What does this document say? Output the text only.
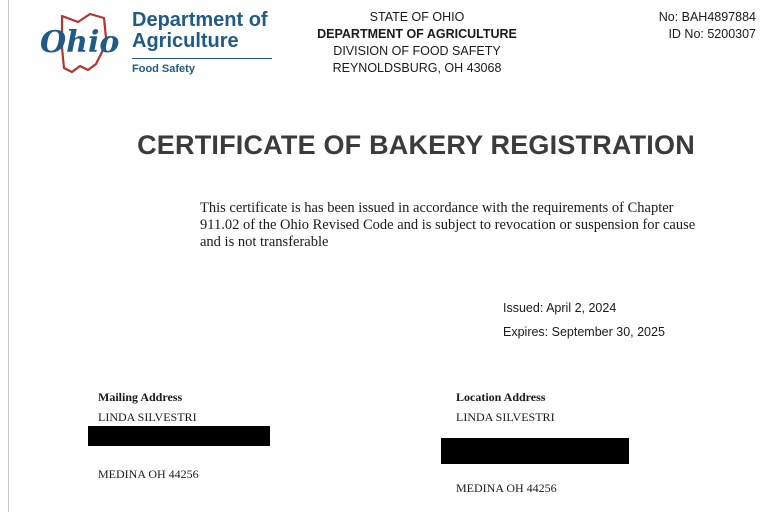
Ohio
Department of
Agriculture
Food Safety
STATE OF OHIO
DEPARTMENT OF AGRICULTURE
DIVISION OF FOOD SAFETY
REYNOLDSBURG, OH 43068
No: BAH4897884
ID No: 5200307
CERTIFICATE OF BAKERY REGISTRATION
This certificate is has been issued in accordance with the requirements of Chapter 911.02 of the Ohio Revised Code and is subject to revocation or suspension for cause and is not transferable
Issued: April 2, 2024
Expires: September 30, 2025
Mailing Address
LINDA SILVESTRI
MEDINA OH 44256
Location Address
LINDA SILVESTRI
MEDINA OH 44256
